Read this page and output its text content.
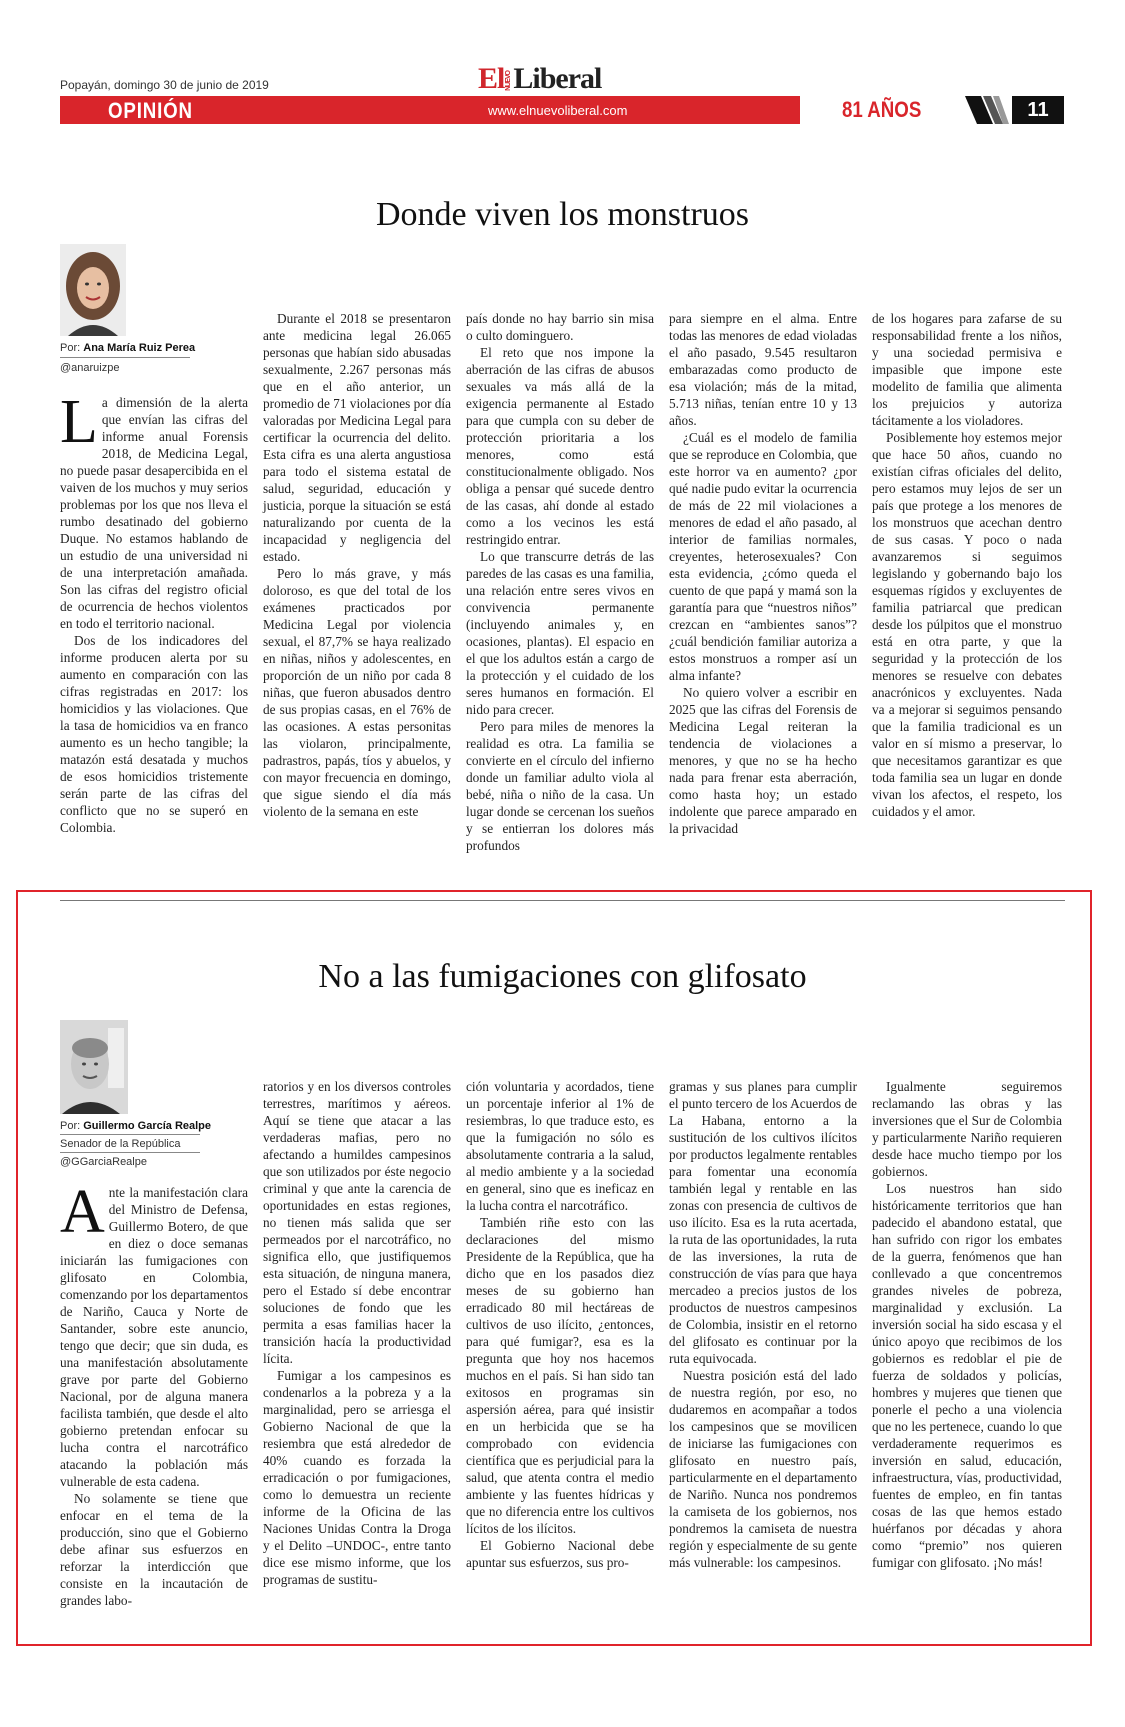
Popayán, domingo 30 de junio de 2019	ElNUEVOLiberal
OPINIÓN	www.elnuevoliberal.com	81 AÑOS	11
Donde viven los monstruos
Por: Ana María Ruiz Perea
@anaruizpe
L a dimensión de la alerta que envían las cifras del informe anual Forensis 2018, de Medicina Legal, no puede pasar desapercibida en el vaiven de los muchos y muy serios problemas por los que nos lleva el rumbo desatinado del gobierno Duque. No estamos hablando de un estudio de una universidad ni de una interpretación amañada. Son las cifras del registro oficial de ocurrencia de hechos violentos en todo el territorio nacional.

Dos de los indicadores del informe producen alerta por su aumento en comparación con las cifras registradas en 2017: los homicidios y las violaciones. Que la tasa de homicidios va en franco aumento es un hecho tangible; la matazón está desatada y muchos de esos homicidios tristemente serán parte de las cifras del conflicto que no se superó en Colombia.

Durante el 2018 se presentaron ante medicina legal 26.065 personas que habían sido abusadas sexualmente, 2.267 personas más que en el año anterior, un promedio de 71 violaciones por día valoradas por Medicina Legal para certificar la ocurrencia del delito. Esta cifra es una alerta angustiosa para todo el sistema estatal de salud, seguridad, educación y justicia, porque la situación se está naturalizando por cuenta de la incapacidad y negligencia del estado.

Pero lo más grave, y más doloroso, es que del total de los exámenes practicados por Medicina Legal por violencia sexual, el 87,7% se haya realizado en niñas, niños y adolescentes, en proporción de un niño por cada 8 niñas, que fueron abusados dentro de sus propias casas, en el 76% de las ocasiones. A estas personitas las violaron, principalmente, padrastros, papás, tíos y abuelos, y con mayor frecuencia en domingo, que sigue siendo el día más violento de la semana en este

país donde no hay barrio sin misa o culto dominguero.

El reto que nos impone la aberración de las cifras de abusos sexuales va más allá de la exigencia permanente al Estado para que cumpla con su deber de protección prioritaria a los menores, como está constitucionalmente obligado. Nos obliga a pensar qué sucede dentro de las casas, ahí donde al estado como a los vecinos les está restringido entrar.

Lo que transcurre detrás de las paredes de las casas es una familia, una relación entre seres vivos en convivencia permanente (incluyendo animales y, en ocasiones, plantas). El espacio en el que los adultos están a cargo de la protección y el cuidado de los seres humanos en formación. El nido para crecer.

Pero para miles de menores la realidad es otra. La familia se convierte en el círculo del infierno donde un familiar adulto viola al bebé, niña o niño de la casa. Un lugar donde se cercenan los sueños y se entierran los dolores más profundos

para siempre en el alma. Entre todas las menores de edad violadas el año pasado, 9.545 resultaron embarazadas como producto de esa violación; más de la mitad, 5.713 niñas, tenían entre 10 y 13 años.

¿Cuál es el modelo de familia que se reproduce en Colombia, que este horror va en aumento? ¿por qué nadie pudo evitar la ocurrencia de más de 22 mil violaciones a menores de edad el año pasado, al interior de familias normales, creyentes, heterosexuales? Con esta evidencia, ¿cómo queda el cuento de que papá y mamá son la garantía para que “nuestros niños” crezcan en “ambientes sanos”? ¿cuál bendición familiar autoriza a estos monstruos a romper así un alma infante?

No quiero volver a escribir en 2025 que las cifras del Forensis de Medicina Legal reiteran la tendencia de violaciones a menores, y que no se ha hecho nada para frenar esta aberración, como hasta hoy; un estado indolente que parece amparado en la privacidad

de los hogares para zafarse de su responsabilidad frente a los niños, y una sociedad permisiva e impasible que impone este modelito de familia que alimenta los prejuicios y autoriza tácitamente a los violadores.

Posiblemente hoy estemos mejor que hace 50 años, cuando no existían cifras oficiales del delito, pero estamos muy lejos de ser un país que protege a los menores de los monstruos que acechan dentro de sus casas. Y poco o nada avanzaremos si seguimos legislando y gobernando bajo los esquemas rígidos y excluyentes de familia patriarcal que predican desde los púlpitos que el monstruo está en otra parte, y que la seguridad y la protección de los menores se resuelve con debates anacrónicos y excluyentes. Nada va a mejorar si seguimos pensando que la familia tradicional es un valor en sí mismo a preservar, lo que necesitamos garantizar es que toda familia sea un lugar en donde vivan los afectos, el respeto, los cuidados y el amor.

No a las fumigaciones con glifosato
Por: Guillermo García Realpe
Senador de la República
@GGarciaRealpe
A nte la manifestación clara del Ministro de Defensa, Guillermo Botero, de que en diez o doce semanas iniciarán las fumigaciones con glifosato en Colombia, comenzando por los departamentos de Nariño, Cauca y Norte de Santander, sobre este anuncio, tengo que decir; que sin duda, es una manifestación absolutamente grave por parte del Gobierno Nacional, por de alguna manera facilista también, que desde el alto gobierno pretendan enfocar su lucha contra el narcotráfico atacando la población más vulnerable de esta cadena.

No solamente se tiene que enfocar en el tema de la producción, sino que el Gobierno debe afinar sus esfuerzos en reforzar la interdicción que consiste en la incautación de grandes labo-

ratorios y en los diversos controles terrestres, marítimos y aéreos. Aquí se tiene que atacar a las verdaderas mafias, pero no afectando a humildes campesinos que son utilizados por éste negocio criminal y que ante la carencia de oportunidades en estas regiones, no tienen más salida que ser permeados por el narcotráfico, no significa ello, que justifiquemos esta situación, de ninguna manera, pero el Estado sí debe encontrar soluciones de fondo que les permita a esas familias hacer la transición hacía la productividad lícita.

Fumigar a los campesinos es condenarlos a la pobreza y a la marginalidad, pero se arriesga el Gobierno Nacional de que la resiembra que está alrededor de 40% cuando es forzada la erradicación o por fumigaciones, como lo demuestra un reciente informe de la Oficina de las Naciones Unidas Contra la Droga y el Delito –UNDOC-, entre tanto dice ese mismo informe, que los programas de sustitu-

ción voluntaria y acordados, tiene un porcentaje inferior al 1% de resiembras, lo que traduce esto, es que la fumigación no sólo es absolutamente contraria a la salud, al medio ambiente y a la sociedad en general, sino que es ineficaz en la lucha contra el narcotráfico.

También riñe esto con las declaraciones del mismo Presidente de la República, que ha dicho que en los pasados diez meses de su gobierno han erradicado 80 mil hectáreas de cultivos de uso ilícito, ¿entonces, para qué fumigar?, esa es la pregunta que hoy nos hacemos muchos en el país. Si han sido tan exitosos en programas sin aspersión aérea, para qué insistir en un herbicida que se ha comprobado con evidencia científica que es perjudicial para la salud, que atenta contra el medio ambiente y las fuentes hídricas y que no diferencia entre los cultivos lícitos de los ilícitos.

El Gobierno Nacional debe apuntar sus esfuerzos, sus pro-

gramas y sus planes para cumplir el punto tercero de los Acuerdos de La Habana, entorno a la sustitución de los cultivos ilícitos por productos legalmente rentables para fomentar una economía también legal y rentable en las zonas con presencia de cultivos de uso ilícito. Esa es la ruta acertada, la ruta de las oportunidades, la ruta de las inversiones, la ruta de construcción de vías para que haya mercadeo a precios justos de los productos de nuestros campesinos de Colombia, insistir en el retorno del glifosato es continuar por la ruta equivocada.

Nuestra posición está del lado de nuestra región, por eso, no dudaremos en acompañar a todos los campesinos que se movilicen de iniciarse las fumigaciones con glifosato en nuestro país, particularmente en el departamento de Nariño. Nunca nos pondremos la camiseta de los gobiernos, nos pondremos la camiseta de nuestra región y especialmente de su gente más vulnerable: los campesinos.

Igualmente seguiremos reclamando las obras y las inversiones que el Sur de Colombia y particularmente Nariño requieren desde hace mucho tiempo por los gobiernos.

Los nuestros han sido históricamente territorios que han padecido el abandono estatal, que han sufrido con rigor los embates de la guerra, fenómenos que han conllevado a que concentremos grandes niveles de pobreza, marginalidad y exclusión. La inversión social ha sido escasa y el único apoyo que recibimos de los gobiernos es redoblar el pie de fuerza de soldados y policías, hombres y mujeres que tienen que ponerle el pecho a una violencia que no les pertenece, cuando lo que verdaderamente requerimos es inversión en salud, educación, infraestructura, vías, productividad, fuentes de empleo, en fin tantas cosas de las que hemos estado huérfanos por décadas y ahora como “premio” nos quieren fumigar con glifosato. ¡No más!
